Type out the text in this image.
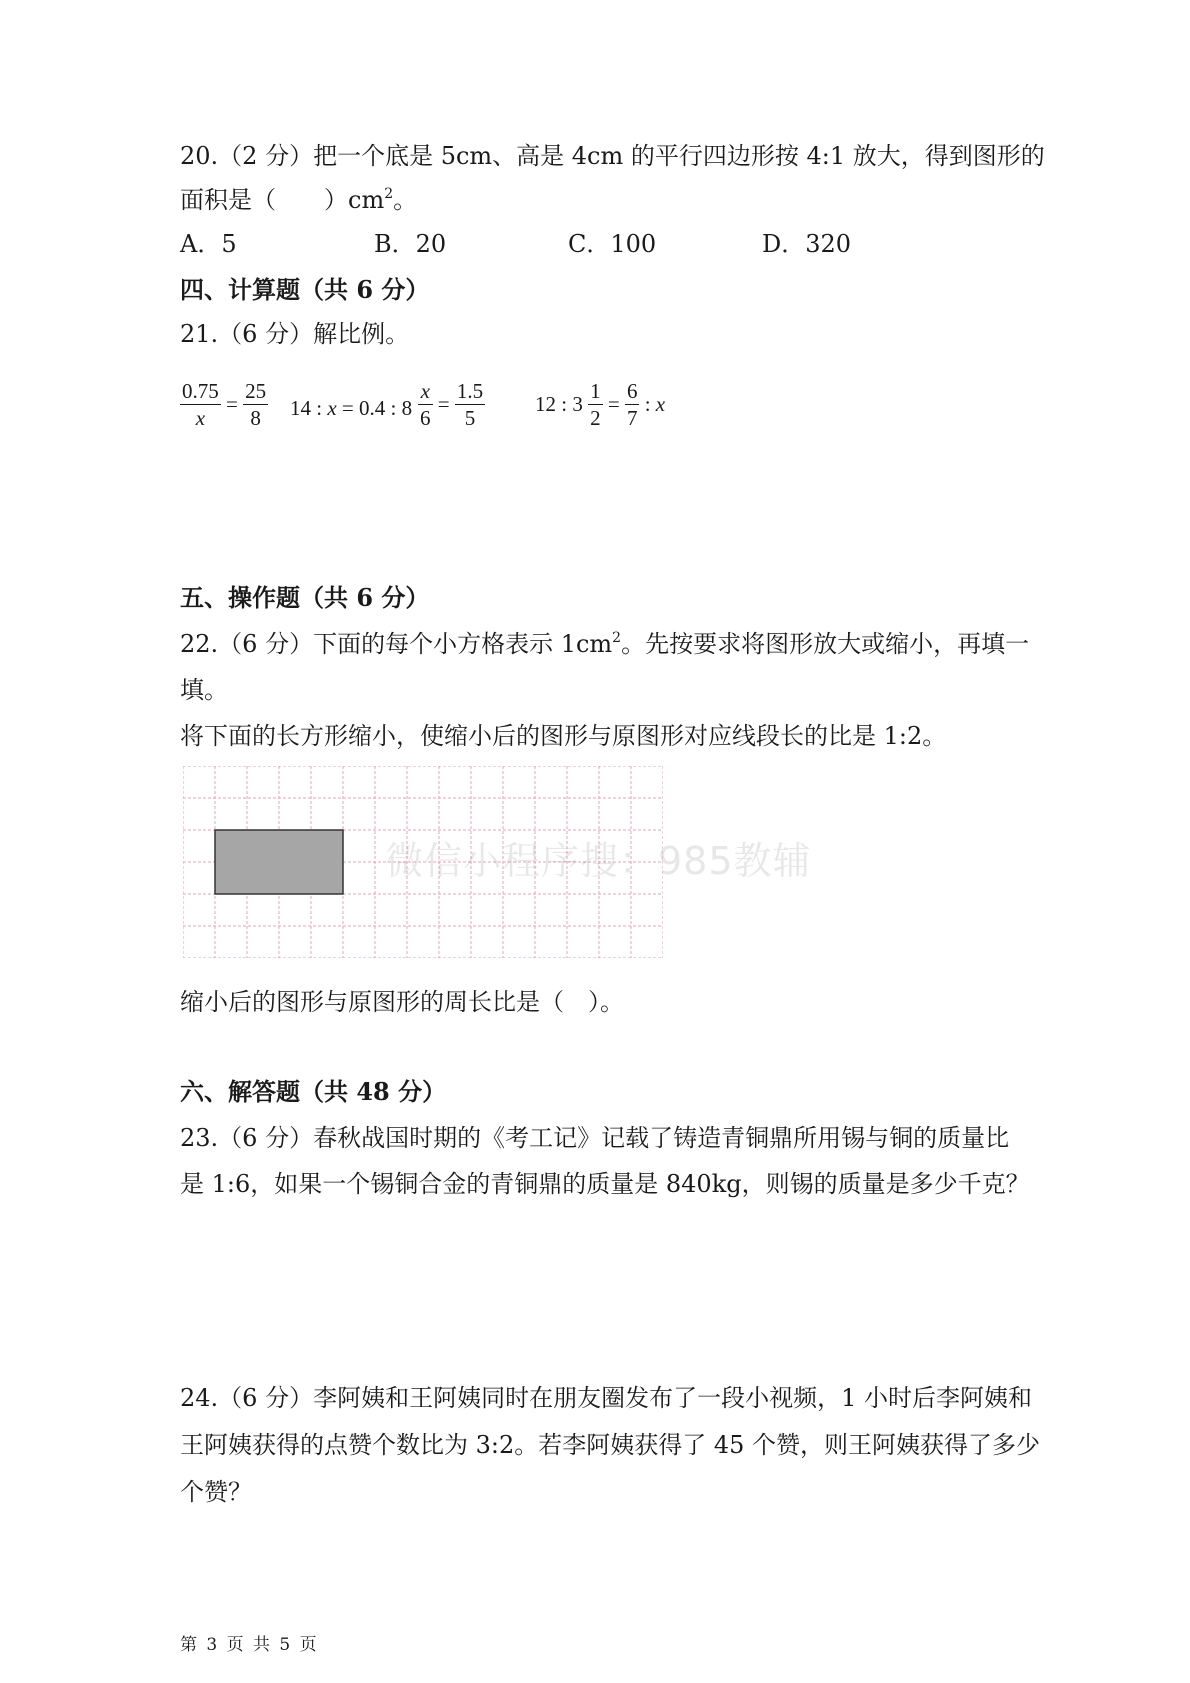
20.（2 分）把一个底是 5cm、高是 4cm 的平行四边形按 4:1 放大，得到图形的
面积是（　　）$cm^2$。
A．5	B．20	C．100	D．320
四、计算题（共 6 分）
21.（6 分）解比例。
$\frac{0.75}{x} = \frac{25}{8} 14$ : x = 0.4 : $8 \frac{x}{6} = \frac{1.5}{5} 12$ : $3 \frac{1}{2} = \frac{6}{7}$ : x
五、操作题（共 6 分）
22.（6 分）下面的每个小方格表示 $1cm^2$。先按要求将图形放大或缩小，再填一
填。
将下面的长方形缩小，使缩小后的图形与原图形对应线段长的比是 1:2。
微信小程序搜：985教辅
缩小后的图形与原图形的周长比是（　）。
六、解答题（共 48 分）
23.（6 分）春秋战国时期的《考工记》记载了铸造青铜鼎所用锡与铜的质量比
是 1:6，如果一个锡铜合金的青铜鼎的质量是 840kg，则锡的质量是多少千克？
24.（6 分）李阿姨和王阿姨同时在朋友圈发布了一段小视频，1 小时后李阿姨和
王阿姨获得的点赞个数比为 3:2。若李阿姨获得了 45 个赞，则王阿姨获得了多少
个赞？
第 3 页 共 5 页
